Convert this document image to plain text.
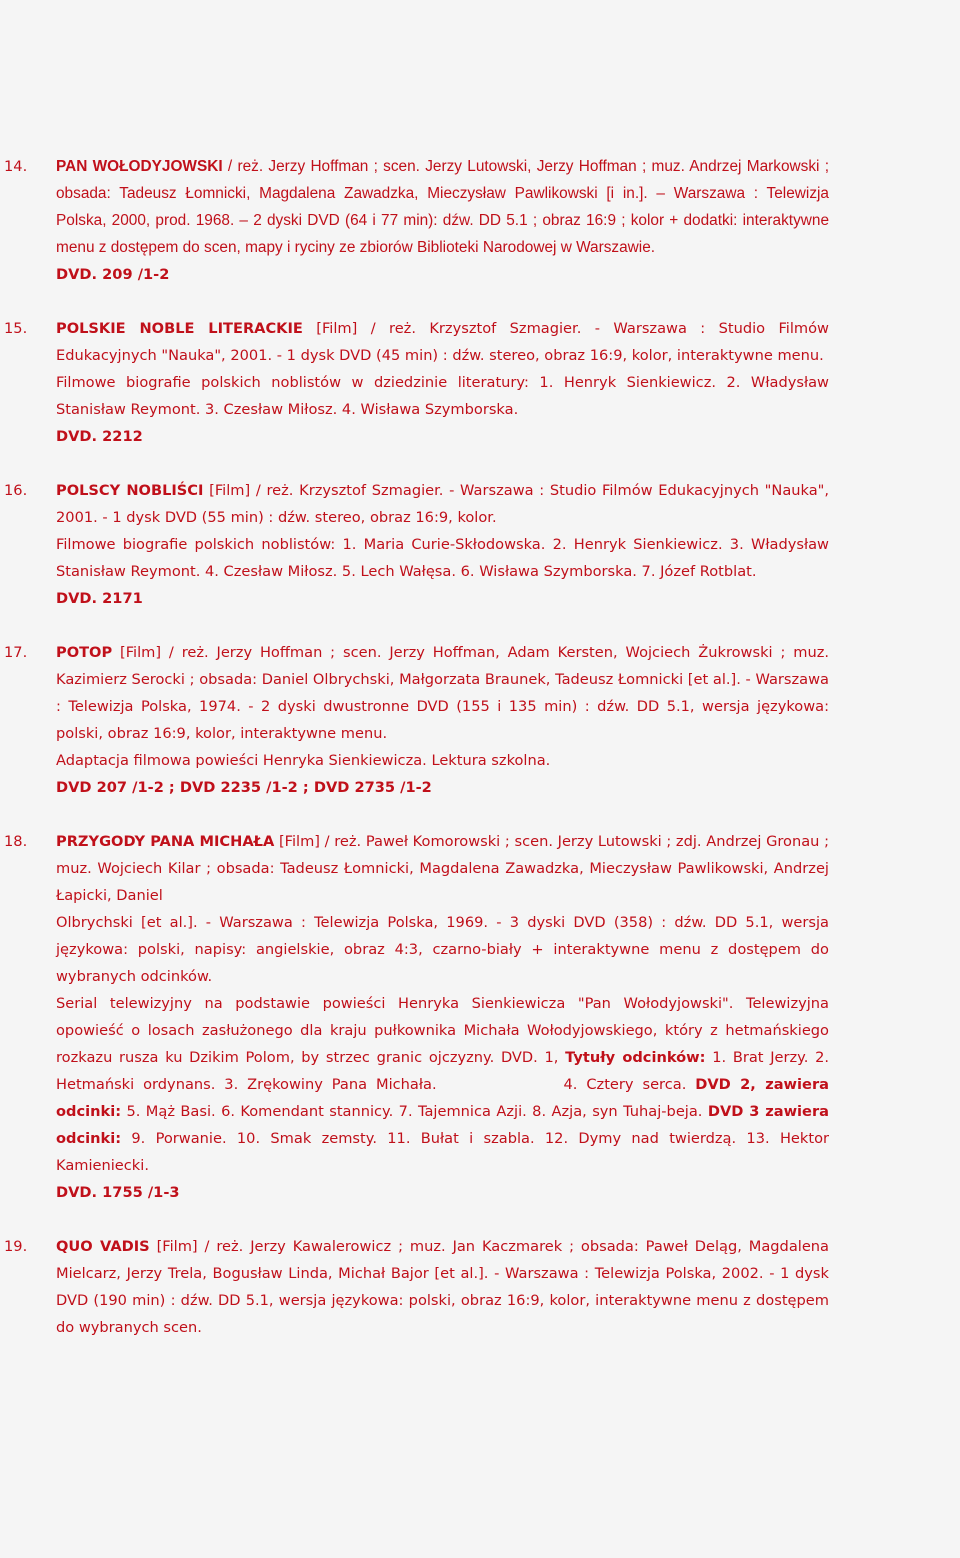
14. PAN WOŁODYJOWSKI / reż. Jerzy Hoffman ; scen. Jerzy Lutowski, Jerzy Hoffman ; muz. Andrzej Markowski ; obsada: Tadeusz Łomnicki, Magdalena Zawadzka, Mieczysław Pawlikowski [i in.]. – Warszawa : Telewizja Polska, 2000, prod. 1968. – 2 dyski DVD (64 i 77 min): dźw. DD 5.1 ; obraz 16:9 ; kolor + dodatki: interaktywne menu z dostępem do scen, mapy i ryciny ze zbiorów Biblioteki Narodowej w Warszawie.

DVD. 209 /1-2

15. POLSKIE NOBLE LITERACKIE [Film] / reż. Krzysztof Szmagier. - Warszawa : Studio Filmów Edukacyjnych "Nauka", 2001. - 1 dysk DVD (45 min) : dźw. stereo, obraz 16:9, kolor, interaktywne menu.

Filmowe biografie polskich noblistów w dziedzinie literatury: 1. Henryk Sienkiewicz. 2. Władysław Stanisław Reymont. 3. Czesław Miłosz. 4. Wisława Szymborska.

DVD. 2212

16. POLSCY NOBLIŚCI [Film] / reż. Krzysztof Szmagier. - Warszawa : Studio Filmów Edukacyjnych "Nauka", 2001. - 1 dysk DVD (55 min) : dźw. stereo, obraz 16:9, kolor.

Filmowe biografie polskich noblistów: 1. Maria Curie-Skłodowska. 2. Henryk Sienkiewicz. 3. Władysław Stanisław Reymont. 4. Czesław Miłosz. 5. Lech Wałęsa. 6. Wisława Szymborska. 7. Józef Rotblat.

DVD. 2171

17. POTOP [Film] / reż. Jerzy Hoffman ; scen. Jerzy Hoffman, Adam Kersten, Wojciech Żukrowski ; muz. Kazimierz Serocki ; obsada: Daniel Olbrychski, Małgorzata Braunek, Tadeusz Łomnicki [et al.]. - Warszawa : Telewizja Polska, 1974. - 2 dyski dwustronne DVD (155 i 135 min) : dźw. DD 5.1, wersja językowa: polski, obraz 16:9, kolor, interaktywne menu.

Adaptacja filmowa powieści Henryka Sienkiewicza. Lektura szkolna.

DVD 207 /1-2 ; DVD 2235 /1-2 ; DVD 2735 /1-2

18. PRZYGODY PANA MICHAŁA [Film] / reż. Paweł Komorowski ; scen. Jerzy Lutowski ; zdj. Andrzej Gronau ; muz. Wojciech Kilar ; obsada: Tadeusz Łomnicki, Magdalena Zawadzka, Mieczysław Pawlikowski, Andrzej Łapicki, Daniel

Olbrychski [et al.]. - Warszawa : Telewizja Polska, 1969. - 3 dyski DVD (358) : dźw. DD 5.1, wersja językowa: polski, napisy: angielskie, obraz 4:3, czarno-biały + interaktywne menu z dostępem do wybranych odcinków.

Serial telewizyjny na podstawie powieści Henryka Sienkiewicza "Pan Wołodyjowski". Telewizyjna opowieść o losach zasłużonego dla kraju pułkownika Michała Wołodyjowskiego, który z hetmańskiego rozkazu rusza ku Dzikim Polom, by strzec granic ojczyzny. DVD. 1, Tytuły odcinków: 1. Brat Jerzy. 2. Hetmański ordynans. 3. Zrękowiny Pana Michała.	4. Cztery serca. DVD 2, zawiera odcinki: 5. Mąż Basi. 6. Komendant stannicy. 7. Tajemnica Azji. 8. Azja, syn Tuhaj-beja. DVD 3 zawiera odcinki: 9. Porwanie. 10. Smak zemsty. 11. Bułat i szabla. 12. Dymy nad twierdzą. 13. Hektor Kamieniecki.

DVD. 1755 /1-3

19. QUO VADIS [Film] / reż. Jerzy Kawalerowicz ; muz. Jan Kaczmarek ; obsada: Paweł Deląg, Magdalena Mielcarz, Jerzy Trela, Bogusław Linda, Michał Bajor [et al.]. - Warszawa : Telewizja Polska, 2002. - 1 dysk DVD (190 min) : dźw. DD 5.1, wersja językowa: polski, obraz 16:9, kolor, interaktywne menu z dostępem do wybranych scen.
